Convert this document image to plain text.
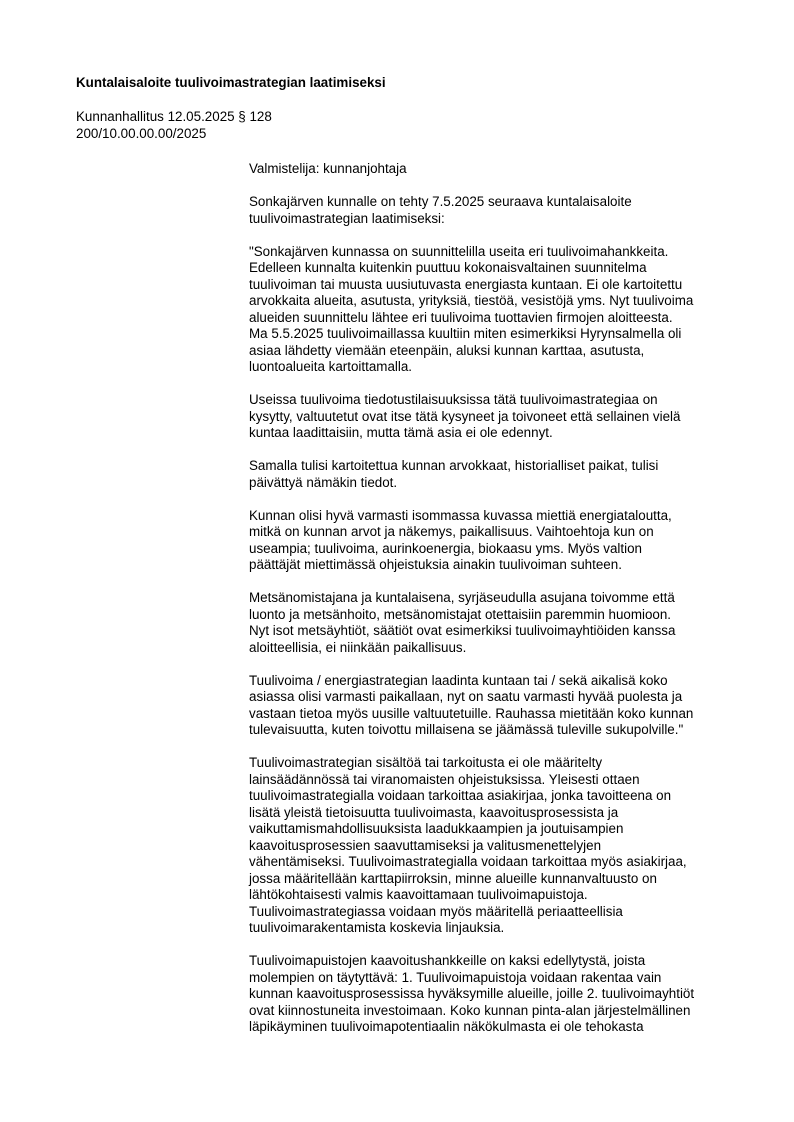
Kuntalaisaloite tuulivoimastrategian laatimiseksi
Kunnanhallitus 12.05.2025 § 128
200/10.00.00.00/2025
Valmistelija: kunnanjohtaja
Sonkajärven kunnalle on tehty 7.5.2025 seuraava kuntalaisaloite
tuulivoimastrategian laatimiseksi:
"Sonkajärven kunnassa on suunnittelilla useita eri tuulivoimahankkeita.
Edelleen kunnalta kuitenkin puuttuu kokonaisvaltainen suunnitelma
tuulivoiman tai muusta uusiutuvasta energiasta kuntaan. Ei ole kartoitettu
arvokkaita alueita, asutusta, yrityksiä, tiestöä, vesistöjä yms. Nyt tuulivoima
alueiden suunnittelu lähtee eri tuulivoima tuottavien firmojen aloitteesta.
Ma 5.5.2025 tuulivoimaillassa kuultiin miten esimerkiksi Hyrynsalmella oli
asiaa lähdetty viemään eteenpäin, aluksi kunnan karttaa, asutusta,
luontoalueita kartoittamalla.
Useissa tuulivoima tiedotustilaisuuksissa tätä tuulivoimastrategiaa on
kysytty, valtuutetut ovat itse tätä kysyneet ja toivoneet että sellainen vielä
kuntaa laadittaisiin, mutta tämä asia ei ole edennyt.
Samalla tulisi kartoitettua kunnan arvokkaat, historialliset paikat, tulisi
päivättyä nämäkin tiedot.
Kunnan olisi hyvä varmasti isommassa kuvassa miettiä energiataloutta,
mitkä on kunnan arvot ja näkemys, paikallisuus. Vaihtoehtoja kun on
useampia; tuulivoima, aurinkoenergia, biokaasu yms. Myös valtion
päättäjät miettimässä ohjeistuksia ainakin tuulivoiman suhteen.
Metsänomistajana ja kuntalaisena, syrjäseudulla asujana toivomme että
luonto ja metsänhoito, metsänomistajat otettaisiin paremmin huomioon.
Nyt isot metsäyhtiöt, säätiöt ovat esimerkiksi tuulivoimayhtiöiden kanssa
aloitteellisia, ei niinkään paikallisuus.
Tuulivoima / energiastrategian laadinta kuntaan tai / sekä aikalisä koko
asiassa olisi varmasti paikallaan, nyt on saatu varmasti hyvää puolesta ja
vastaan tietoa myös uusille valtuutetuille. Rauhassa mietitään koko kunnan
tulevaisuutta, kuten toivottu millaisena se jäämässä tuleville sukupolville."
Tuulivoimastrategian sisältöä tai tarkoitusta ei ole määritelty
lainsäädännössä tai viranomaisten ohjeistuksissa. Yleisesti ottaen
tuulivoimastrategialla voidaan tarkoittaa asiakirjaa, jonka tavoitteena on
lisätä yleistä tietoisuutta tuulivoimasta, kaavoitusprosessista ja
vaikuttamismahdollisuuksista laadukkaampien ja joutuisampien
kaavoitusprosessien saavuttamiseksi ja valitusmenettelyjen
vähentämiseksi. Tuulivoimastrategialla voidaan tarkoittaa myös asiakirjaa,
jossa määritellään karttapiirroksin, minne alueille kunnanvaltuusto on
lähtökohtaisesti valmis kaavoittamaan tuulivoimapuistoja.
Tuulivoimastrategiassa voidaan myös määritellä periaatteellisia
tuulivoimarakentamista koskevia linjauksia.
Tuulivoimapuistojen kaavoitushankkeille on kaksi edellytystä, joista
molempien on täytyttävä: 1. Tuulivoimapuistoja voidaan rakentaa vain
kunnan kaavoitusprosessissa hyväksymille alueille, joille 2. tuulivoimayhtiöt
ovat kiinnostuneita investoimaan. Koko kunnan pinta-alan järjestelmällinen
läpikäyminen tuulivoimapotentiaalin näkökulmasta ei ole tehokasta
